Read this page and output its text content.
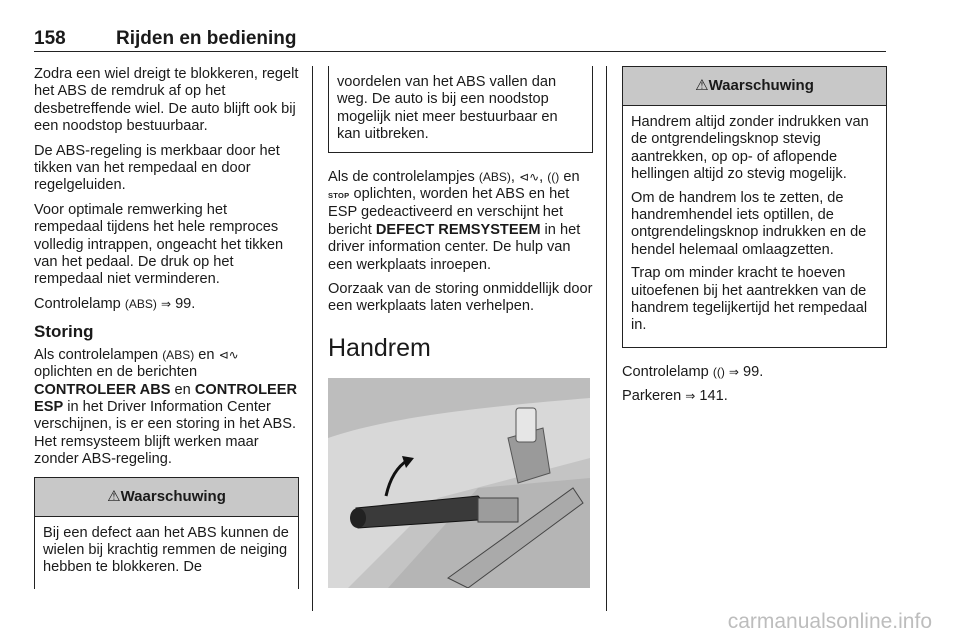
158	Rijden en bediening

Zodra een wiel dreigt te blokkeren, regelt het ABS de remdruk af op het desbetreffende wiel. De auto blijft ook bij een noodstop bestuurbaar.

De ABS-regeling is merkbaar door het tikken van het rempedaal en door regelgeluiden.

Voor optimale remwerking het rempedaal tijdens het hele remproces volledig intrappen, ongeacht het tikken van het pedaal. De druk op het rempedaal niet verminderen.

Controlelamp (ABS) ⇒ 99.

Storing

Als controlelampen (ABS) en ⊲∿ oplichten en de berichten CONTROLEER ABS en CONTROLEER ESP in het Driver Information Center verschijnen, is er een storing in het ABS. Het remsysteem blijft werken maar zonder ABS-regeling.

⚠Waarschuwing

Bij een defect aan het ABS kunnen de wielen bij krachtig remmen de neiging hebben te blokkeren. De

voordelen van het ABS vallen dan weg. De auto is bij een noodstop mogelijk niet meer bestuurbaar en kan uitbreken.

Als de controlelampjes (ABS), ⊲∿, (() en STOP oplichten, worden het ABS en het ESP gedeactiveerd en verschijnt het bericht DEFECT REMSYSTEEM in het driver information center. De hulp van een werkplaats inroepen.

Oorzaak van de storing onmiddellijk door een werkplaats laten verhelpen.

Handrem
⚠Waarschuwing

Handrem altijd zonder indrukken van de ontgrendelingsknop stevig aantrekken, op op- of aflopende hellingen altijd zo stevig mogelijk.

Om de handrem los te zetten, de handremhendel iets optillen, de ontgrendelingsknop indrukken en de hendel helemaal omlaagzetten.

Trap om minder kracht te hoeven uitoefenen bij het aantrekken van de handrem tegelijkertijd het rempedaal in.

Controlelamp (() ⇒ 99.

Parkeren ⇒ 141.

carmanualsonline.info
